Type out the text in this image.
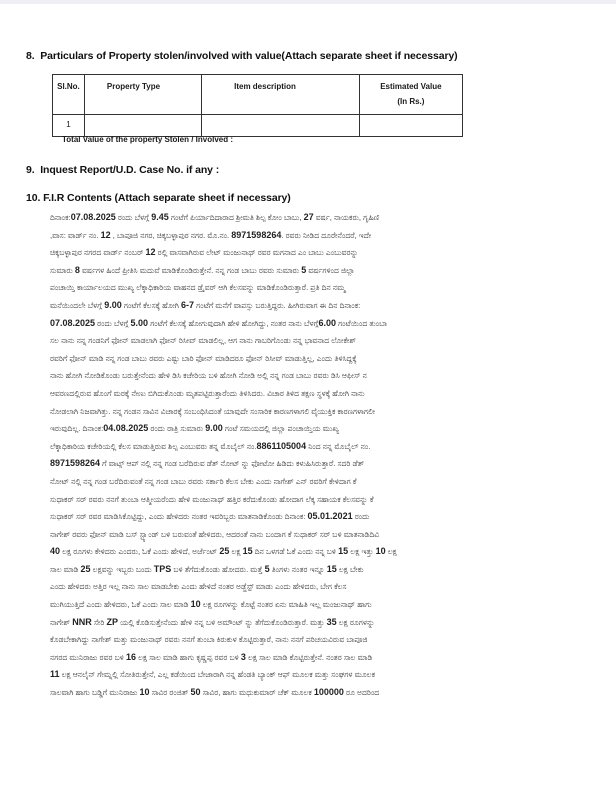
8. Particulars of Property stolen/involved with value(Attach separate sheet if necessary)
Sl.No.	Property Type	Item description	Estimated Value
(In Rs.)

1			
Total Value of the property Stolen / Involved :
9. Inquest Report/U.D. Case No. if any :
10. F.I.R Contents (Attach separate sheet if necessary)
ದಿನಾಂಕ:07.08.2025 ರಂದು ಬೆಳಗ್ಗೆ 9.45 ಗಂಟೆಗೆ ಪಿರ್ಯಾದಿದಾರಾದ ಶ್ರೀಮತಿ ಶಿಲ್ಪ ಕೋಂ ಬಾಬು, 27 ವರ್ಷ, ನಾಯಕರು, ಗೃಹಿಣಿ
,ವಾಸ: ವಾರ್ಡ್ ನಂ. 12 , ಬಾಪೂಜಿ ನಗರ, ಚಿಕ್ಕಬಳ್ಳಾಪುರ ನಗರ. ಮೊ.ನಂ. 8971598264. ರವರು ನೀಡಿದ ದೂರೇನೆಂದರೆ, ಇದೇ
ಚಿಕ್ಕಬಳ್ಳಾಪುರ ನಗರದ ವಾರ್ಡ್ ನಂಬರ್ 12 ರಲ್ಲಿ ವಾಸವಾಗಿರುವ ಲೇಟ್ ಮಂಜುನಾಥ್ ರವರ ಮಗನಾದ ಎಂ ಬಾಬು ಎಂಬುವರನ್ನು
ಸುಮಾರು 8 ವರ್ಷಗಳ ಹಿಂದೆ ಪ್ರೀತಿಸಿ ಮದುವೆ ಮಾಡಿಕೊಂಡಿರುತ್ತೇನೆ. ನನ್ನ ಗಂಡ ಬಾಬು ರವರು ಸುಮಾರು 5 ವರ್ಷಗಳಿಂದ ಜಿಲ್ಲಾ
ಪಂಚಾಯ್ತಿ ಕಾರ್ಯಾಲಯದ ಮುಖ್ಯ ಲೆಕ್ಕಾಧಿಕಾರಿಯ ವಾಹನದ ಡ್ರೈವರ್ ಆಗಿ ಕೆಲಸವನ್ನು ಮಾಡಿಕೊಂಡಿರುತ್ತಾರೆ. ಪ್ರತಿ ದಿನ ನಮ್ಮ
ಮನೆಯಿಂದಲೇ ಬೆಳಗ್ಗೆ 9.00 ಗಂಟೆಗೆ ಕೆಲಸಕ್ಕೆ ಹೋಗಿ 6-7 ಗಂಟೆಗೆ ಮನೆಗೆ ವಾಪಸ್ಸು ಬರುತ್ತಿದ್ದರು. ಹೀಗಿರುವಾಗ ಈ ದಿನ ದಿನಾಂಕ:
07.08.2025 ರಂದು ಬೆಳಗ್ಗೆ 5.00 ಗಂಟೆಗೆ ಕೆಲಸಕ್ಕೆ ಹೋಗುವುದಾಗಿ ಹೇಳಿ ಹೋಗಿದ್ದು, ನಂತರ ನಾನು ಬೆಳಗ್ಗೆ6.00 ಗಂಟೆಯಿಂದ ತುಂಬಾ
ಸಲ ನಾನು ನನ್ನ ಗಂಡನಿಗೆ ಫೋನ್ ಮಾಡಲಾಗಿ ಫೋನ್ ರಿಸೀವ್ ಮಾಡಲಿಲ್ಲ, ಆಗ ನಾನು ಗಾಬರಿಗೊಂಡು ನನ್ನ ಭಾವನಾದ ಲೋಕೇಶ್
ರವರಿಗೆ ಫೋನ್ ಮಾಡಿ ನನ್ನ ಗಂಡ ಬಾಬು ರವರು ಎಷ್ಟು ಬಾರಿ ಫೋನ್ ಮಾಡಿದರೂ ಫೋನ್ ರಿಸೀವ್ ಮಾಡುತ್ತಿಲ್ಲ, ಎಂದು ತಿಳಿಸಿದ್ದಕ್ಕೆ
ನಾನು ಹೋಗಿ ನೋಡಿಕೊಂಡು ಬರುತ್ತೇನೆಂದು ಹೇಳಿ ಡಿಸಿ ಕಚೇರಿಯ ಬಳಿ ಹೋಗಿ ನೋಡಿ ಅಲ್ಲಿ ನನ್ನ ಗಂಡ ಬಾಬು ರವರು ಡಿಸಿ ಆಫೀಸ್ ನ
ಆವರಣದಲ್ಲಿರುವ ಹೊಂಗೆ ಮರಕ್ಕೆ ನೇಣು ಬಿಗಿದುಕೊಂಡು ಮೃತಪಟ್ಟಿರುತ್ತಾರೆಂದು ತಿಳಿಸಿದರು. ವಿಚಾರ ತಿಳಿದ ತಕ್ಷಣ ಸ್ಥಳಕ್ಕೆ ಹೋಗಿ ನಾನು
ನೋಡಲಾಗಿ ನಿಜವಾಗಿತ್ತು. ನನ್ನ ಗಂಡನ ಸಾವಿನ ವಿಚಾರಕ್ಕೆ ಸಂಬಂಧಿಸಿದಂತೆ ಯಾವುದೇ ಸಂಸಾರಿಕ ಕಾರಣಗಳಾಗಲಿ ವೈಯುಕ್ತಿಕ ಕಾರಣಗಳಾಗಲೀ
ಇರುವುದಿಲ್ಲ. ದಿನಾಂಕ:04.08.2025 ರಂದು ರಾತ್ರಿ ಸುಮಾರು 9.00 ಗಂಟೆ ಸಮಯದಲ್ಲಿ ಜಿಲ್ಲಾ ಪಂಚಾಯ್ತಿಯ ಮುಖ್ಯ
ಲೆಕ್ಕಾಧಿಕಾರಿಯ ಕಚೇರಿಯಲ್ಲಿ ಕೆಲಸ ಮಾಡುತ್ತಿರುವ ಶಿಲ್ಪ ಎಂಬುವರು ತನ್ನ ಮೊಬೈಲ್ ನಂ.8861105004 ನಿಂದ ನನ್ನ ಮೊಬೈಲ್ ನಂ.
8971598264 ಗೆ ವಾಟ್ಸ್ ಆಪ್ ನಲ್ಲಿ ನನ್ನ ಗಂಡ ಬರೆದಿರುವ ಡೆತ್ ನೋಟ್ ನ್ನು ಫೋಟೋ ಹಿಡಿದು ಕಳುಹಿಸಿರುತ್ತಾರೆ. ಸದರಿ ಡೆತ್
ನೋಟ್ ನಲ್ಲಿ ನನ್ನ ಗಂಡ ಬರೆದಿರುವಂತೆ ನನ್ನ ಗಂಡ ಬಾಬು ರವರು ಸರ್ಕಾರಿ ಕೆಲಸ ಬೇಕು ಎಂದು ನಾಗೇಶ್ ಎನ್ ರವರಿಗೆ ಕೇಳಿದಾಗ ಕೆ
ಸುಧಾಕರ್ ಸರ್ ರವರು ನನಗೆ ತುಂಬಾ ಆತ್ಮೀಯರೆಂದು ಹೇಳಿ ಮಂಜುನಾಥ್ ಹತ್ತಿರ ಕರೆದುಕೊಂಡು ಹೋದಾಗ ಲೆಕ್ಕ ಸಹಾಯಕ ಕೆಲಸವನ್ನು ಕೆ
ಸುಧಾಕರ್ ಸರ್ ರವರ ಮಾಡಿಸಿಕೊಟ್ಟಿದ್ದು, ಎಂದು ಹೇಳಿದರು ನಂತರ ಇವರಿಬ್ಬರು ಮಾತನಾಡಿಕೊಂಡು ದಿನಾಂಕ: 05.01.2021 ರಂದು
ನಾಗೇಶ್ ರವರು ಫೋನ್ ಮಾಡಿ ಬಸ್ ಸ್ಟ್ಯಾಂಡ್ ಬಳಿ ಬರುವಂತೆ ಹೇಳಿದರು, ಆದರಂತೆ ನಾನು ಬಂದಾಗ ಕೆ ಸುಧಾಕರ್ ಸರ್ ಬಳಿ ಮಾತನಾಡಿದಿವಿ
40 ಲಕ್ಷ ರೂಗಳು ಕೇಳಿದರು ಎಂದರು, ಓಕೆ ಎಂದು ಹೇಳಿದೆ, ಅರ್ಜೆಂಟ್ 25 ಲಕ್ಷ 15 ದಿನ ಒಳಗಡೆ ಓಕೆ ಎಂದು ನನ್ನ ಬಳಿ 15 ಲಕ್ಷ ಇತ್ತು 10 ಲಕ್ಷ
ಸಾಲ ಮಾಡಿ 25 ಲಕ್ಷವನ್ನು ಇಬ್ಬರು ಬಂದು TPS ಬಳಿ ತೆಗೆದುಕೊಂಡು ಹೋದರು. ಮತ್ತೆ 5 ತಿಂಗಳು ನಂತರ ಇನ್ನೂ 15 ಲಕ್ಷ ಬೇಕು
ಎಂದು ಹೇಳಿದರು ಅತ್ತಿರ ಇಲ್ಲ ನಾನು ಸಾಲ ಮಾಡಬೇಕು ಎಂದು ಹೇಳಿದೆ ನಂತರ ಅಡ್ಜೆಸ್ಟ್ ಮಾಡು ಎಂದು ಹೇಳಿದರು, ಬೇಗ ಕೆಲಸ
ಮುಗಿಯುತ್ತಿದೆ ಎಂದು ಹೇಳಿದರು, ಓಕೆ ಎಂದು ಸಾಲ ಮಾಡಿ 10 ಲಕ್ಷ ರೂಗಳನ್ನು ಕೊಟ್ಟೆ ನಂತರ ಏನು ಮಾಹಿತಿ ಇಲ್ಲ ಮಂಜುನಾಥ್ ಹಾಗು
ನಾಗೇಶ್ NNR ಸೇರಿ ZP ಯಲ್ಲಿ ಕೊಡಿಸುತ್ತೇನೆಂದು ಹೇಳಿ ನನ್ನ ಬಳಿ ಅಮೌಂಟ್ ನ್ನು ತೆಗೆದುಕೊಂಡಿರುತ್ತಾರೆ. ಮತ್ತು 35 ಲಕ್ಷ ರೂಗಳನ್ನು
ಕೊಡಬೇಕಾಗಿದ್ದು ನಾಗೇಶ್ ಮತ್ತು ಮಂಜುನಾಥ್ ರವರು ನನಗೆ ತುಂಬಾ ಕಿರುಕುಳ ಕೊಟ್ಟಿರುತ್ತಾರೆ, ನಾನು ನನಗೆ ಪರಿಚಯವಿರುವ ಬಾಪೂಜಿ
ನಗರದ ಮುನಿರಾಜು ರವರ ಬಳಿ 16 ಲಕ್ಷ ಸಾಲ ಮಾಡಿ ಹಾಗು ಕೃಷ್ಣಪ್ಪ ರವರ ಬಳಿ 3 ಲಕ್ಷ ಸಾಲ ಮಾಡಿ ಕೊಟ್ಟಿರುತ್ತೇನೆ. ನಂತರ ಸಾಲ ಮಾಡಿ
11 ಲಕ್ಷ ಆನಲೈನ್ ಗೇಮ್ನಲ್ಲಿ ಸೋತಿರುತ್ತೇನೆ, ಎಲ್ಲ ಕಡೆಯಿಂದ ಬೇಜಾರಾಗಿ ನನ್ನ ಹೆಂಡತಿ ಬ್ಯಾಂಕ್ ಆಫ್ ಮೂಲಕ ಮತ್ತು ಸಂಘಗಳ ಮೂಲಕ
ಸಾಲವಾಗಿ ಹಾಗು ಬಡ್ಡಿಗೆ ಮುನಿರಾಜು 10 ಸಾವಿರ ರಂಜಿತ್ 50 ಸಾವಿರ, ಹಾಗು ಮಧುಕುಮಾರ್ ಚೆಕ್ ಮೂಲಕ 100000 ರೂ ಅದರಿಂದ
